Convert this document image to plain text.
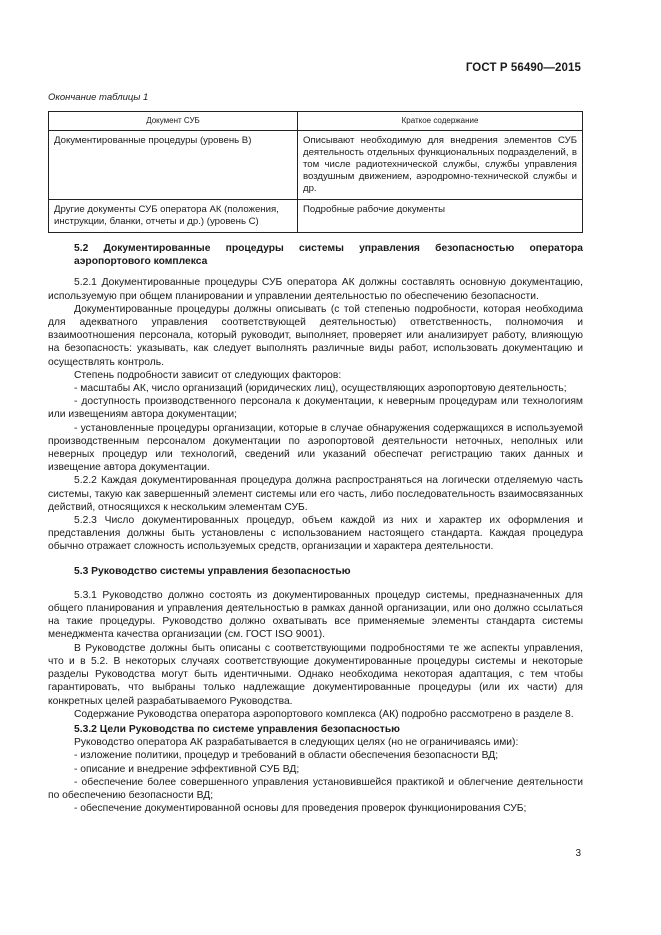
ГОСТ Р 56490—2015
Окончание таблицы 1
Документ СУБ	Краткое содержание
Документированные процедуры (уровень B)	Описывают необходимую для внедрения элементов СУБ деятельность отдельных функциональных подразделений, в том числе радиотехнической службы, службы управления воздушным движением, аэродромно-технической службы и др.
Другие документы СУБ оператора АК (положения, инструкции, бланки, отчеты и др.) (уровень C)	Подробные рабочие документы

5.2 Документированные процедуры системы управления безопасностью оператора аэропортового комплекса

5.2.1 Документированные процедуры СУБ оператора АК должны составлять основную документацию, используемую при общем планировании и управлении деятельностью по обеспечению безопасности.

Документированные процедуры должны описывать (с той степенью подробности, которая необходима для адекватного управления соответствующей деятельностью) ответственность, полномочия и взаимоотношения персонала, который руководит, выполняет, проверяет или анализирует работу, влияющую на безопасность: указывать, как следует выполнять различные виды работ, использовать документацию и осуществлять контроль.

Степень подробности зависит от следующих факторов:

- масштабы АК, число организаций (юридических лиц), осуществляющих аэропортовую деятельность;

- доступность производственного персонала к документации, к неверным процедурам или технологиям или извещениям автора документации;

- установленные процедуры организации, которые в случае обнаружения содержащихся в используемой производственным персоналом документации по аэропортовой деятельности неточных, неполных или неверных процедур или технологий, сведений или указаний обеспечат регистрацию таких данных и извещение автора документации.

5.2.2 Каждая документированная процедура должна распространяться на логически отделяемую часть системы, такую как завершенный элемент системы или его часть, либо последовательность взаимосвязанных действий, относящихся к нескольким элементам СУБ.

5.2.3 Число документированных процедур, объем каждой из них и характер их оформления и представления должны быть установлены с использованием настоящего стандарта. Каждая процедура обычно отражает сложность используемых средств, организации и характера деятельности.

5.3 Руководство системы управления безопасностью

5.3.1 Руководство должно состоять из документированных процедур системы, предназначенных для общего планирования и управления деятельностью в рамках данной организации, или оно должно ссылаться на такие процедуры. Руководство должно охватывать все применяемые элементы стандарта системы менеджмента качества организации (см. ГОСТ ISO 9001).

В Руководстве должны быть описаны с соответствующими подробностями те же аспекты управления, что и в 5.2. В некоторых случаях соответствующие документированные процедуры системы и некоторые разделы Руководства могут быть идентичными. Однако необходима некоторая адаптация, с тем чтобы гарантировать, что выбраны только надлежащие документированные процедуры (или их части) для конкретных целей разрабатываемого Руководства.

Содержание Руководства оператора аэропортового комплекса (АК) подробно рассмотрено в разделе 8.

5.3.2 Цели Руководства по системе управления безопасностью

Руководство оператора АК разрабатывается в следующих целях (но не ограничиваясь ими):

- изложение политики, процедур и требований в области обеспечения безопасности ВД;

- описание и внедрение эффективной СУБ ВД;

- обеспечение более совершенного управления установившейся практикой и облегчение деятельности по обеспечению безопасности ВД;

- обеспечение документированной основы для проведения проверок функционирования СУБ;

3
